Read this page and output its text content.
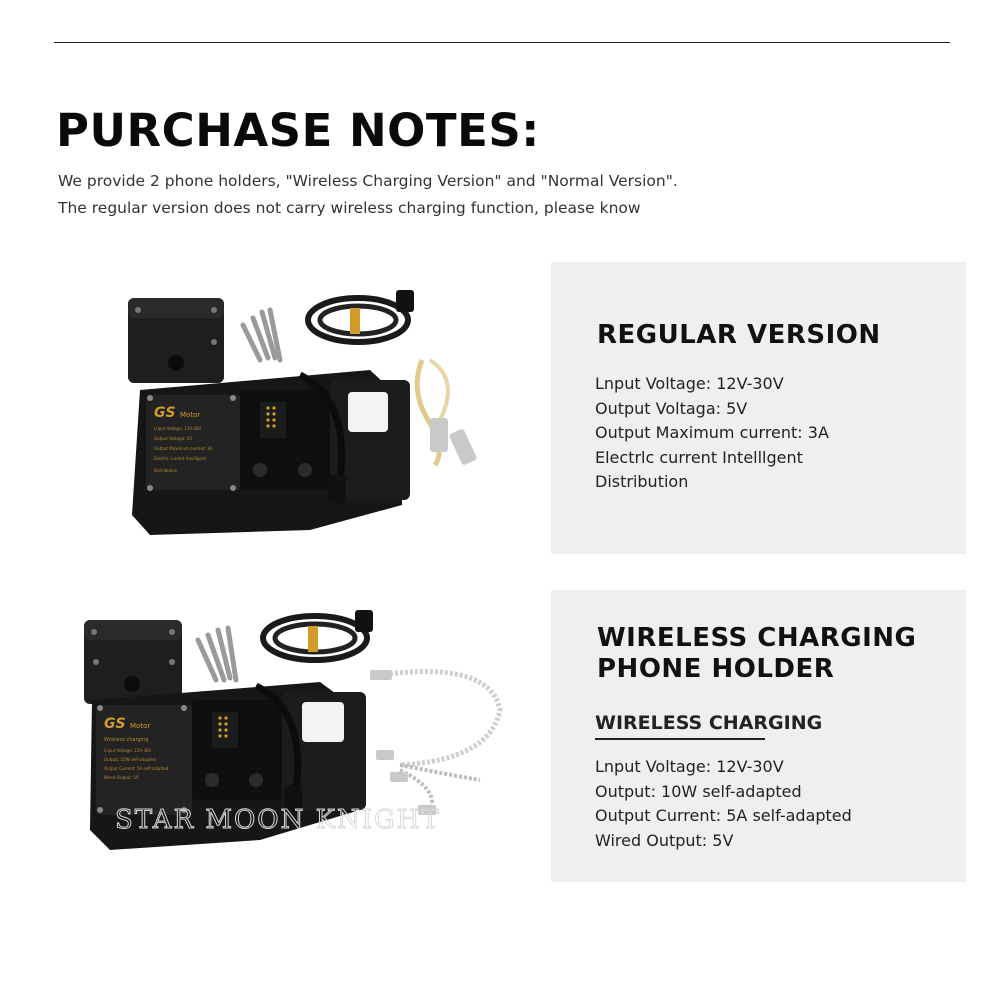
PURCHASE NOTES:
We provide 2 phone holders, "Wireless Charging Version" and "Normal Version".
The regular version does not carry wireless charging function, please know
GS Motor
Lnput Voltage: 12V-30V
Output Voltage: 5V
Output Maximum current: 3A
Electric current Intelligent
Distribution
GS Motor
Wireless charging
Lnput Voltage: 12V-30V
Output: 10W self-adapted
Output Current: 5A self-adapted
Wired Output: 5V
STAR MOON KNIGHT
REGULAR VERSION
Lnput Voltage: 12V-30V
Output Voltaga: 5V
Output Maximum current: 3A
Electrlc current Intelllgent
Distribution
WIRELESS CHARGING PHONE HOLDER
WIRELESS CHARGING
Lnput Voltage: 12V-30V
Output: 10W self-adapted
Output Current: 5A self-adapted
Wired Output: 5V
